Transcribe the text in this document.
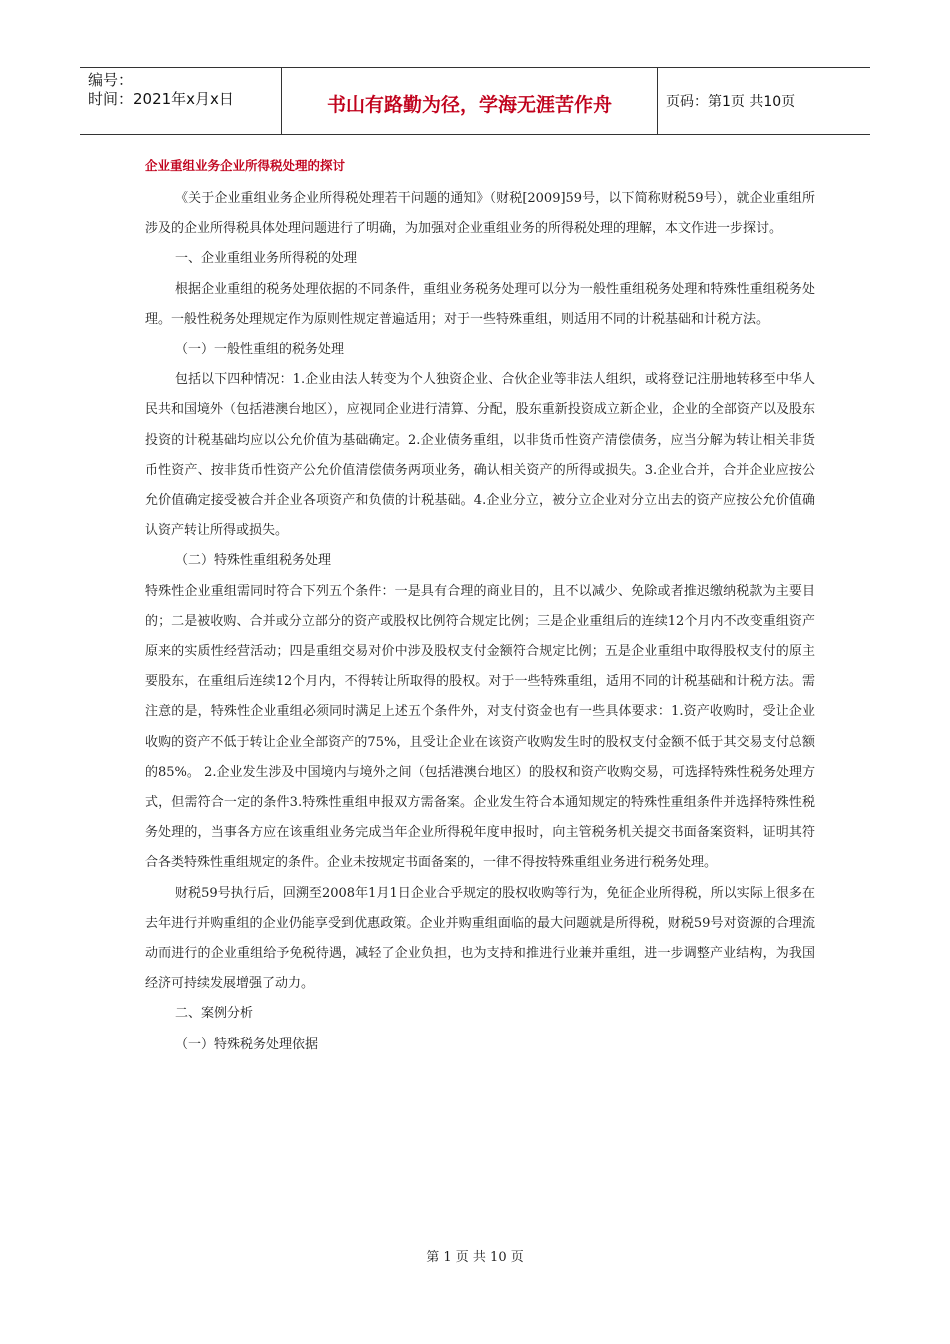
编号：
时间：2021年x月x日	书山有路勤为径，学海无涯苦作舟	页码：第1页 共10页
企业重组业务企业所得税处理的探讨

《关于企业重组业务企业所得税处理若干问题的通知》（财税[2009]59号，以下简称财税59号），就企业重组所涉及的企业所得税具体处理问题进行了明确，为加强对企业重组业务的所得税处理的理解，本文作进一步探讨。

一、企业重组业务所得税的处理

根据企业重组的税务处理依据的不同条件，重组业务税务处理可以分为一般性重组税务处理和特殊性重组税务处理。一般性税务处理规定作为原则性规定普遍适用；对于一些特殊重组，则适用不同的计税基础和计税方法。

（一）一般性重组的税务处理

包括以下四种情况：1.企业由法人转变为个人独资企业、合伙企业等非法人组织，或将登记注册地转移至中华人民共和国境外（包括港澳台地区），应视同企业进行清算、分配，股东重新投资成立新企业，企业的全部资产以及股东投资的计税基础均应以公允价值为基础确定。2.企业债务重组，以非货币性资产清偿债务，应当分解为转让相关非货币性资产、按非货币性资产公允价值清偿债务两项业务，确认相关资产的所得或损失。3.企业合并，合并企业应按公允价值确定接受被合并企业各项资产和负债的计税基础。4.企业分立，被分立企业对分立出去的资产应按公允价值确认资产转让所得或损失。

（二）特殊性重组税务处理

特殊性企业重组需同时符合下列五个条件：一是具有合理的商业目的，且不以减少、免除或者推迟缴纳税款为主要目的；二是被收购、合并或分立部分的资产或股权比例符合规定比例；三是企业重组后的连续12个月内不改变重组资产原来的实质性经营活动；四是重组交易对价中涉及股权支付金额符合规定比例；五是企业重组中取得股权支付的原主要股东，在重组后连续12个月内，不得转让所取得的股权。对于一些特殊重组，适用不同的计税基础和计税方法。需注意的是，特殊性企业重组必须同时满足上述五个条件外，对支付资金也有一些具体要求：1.资产收购时，受让企业收购的资产不低于转让企业全部资产的75%，且受让企业在该资产收购发生时的股权支付金额不低于其交易支付总额的85%。 2.企业发生涉及中国境内与境外之间（包括港澳台地区）的股权和资产收购交易，可选择特殊性税务处理方式，但需符合一定的条件3.特殊性重组申报双方需备案。企业发生符合本通知规定的特殊性重组条件并选择特殊性税务处理的，当事各方应在该重组业务完成当年企业所得税年度申报时，向主管税务机关提交书面备案资料，证明其符合各类特殊性重组规定的条件。企业未按规定书面备案的，一律不得按特殊重组业务进行税务处理。

财税59号执行后，回溯至2008年1月1日企业合乎规定的股权收购等行为，免征企业所得税，所以实际上很多在去年进行并购重组的企业仍能享受到优惠政策。企业并购重组面临的最大问题就是所得税，财税59号对资源的合理流动而进行的企业重组给予免税待遇，减轻了企业负担，也为支持和推进行业兼并重组，进一步调整产业结构，为我国经济可持续发展增强了动力。

二、案例分析

（一）特殊税务处理依据

第 1 页 共 10 页
